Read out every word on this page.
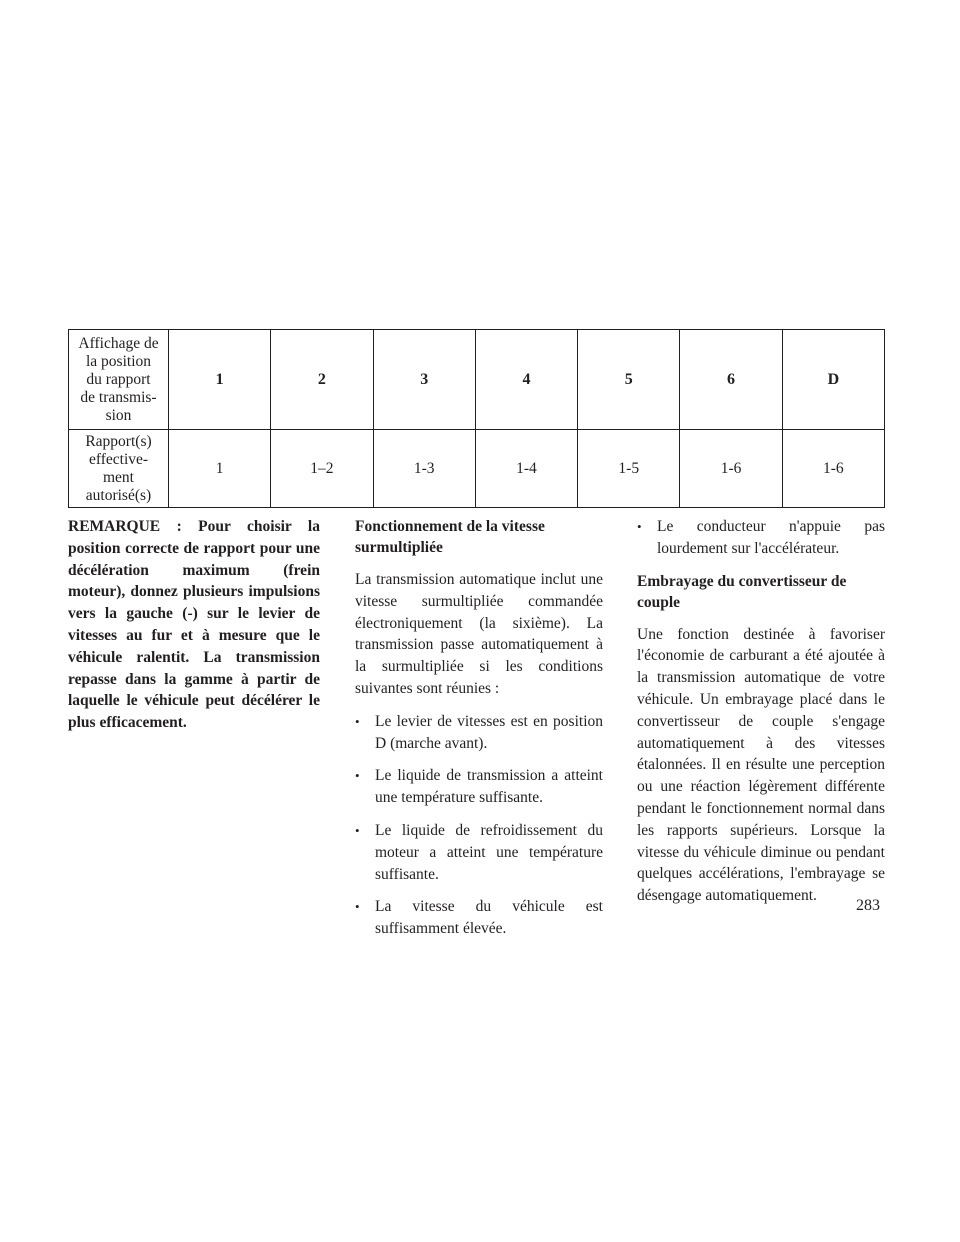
Affichage de
la position
du rapport
de transmis-
sion	1	2	3	4	5	6	D
Rapport(s)
effective-
ment
autorisé(s)	1	1–2	1-3	1-4	1-5	1-6	1-6

REMARQUE : Pour choisir la position correcte de rapport pour une décélération maximum (frein moteur), donnez plusieurs impulsions vers la gauche (-) sur le levier de vitesses au fur et à mesure que le véhicule ralentit. La transmission repasse dans la gamme à partir de laquelle le véhicule peut décélérer le plus efficacement.

Fonctionnement de la vitesse surmultipliée

La transmission automatique inclut une vitesse surmultipliée commandée électroniquement (la sixième). La transmission passe automatiquement à la surmultipliée si les conditions suivantes sont réunies :

• Le levier de vitesses est en position D (marche avant).
• Le liquide de transmission a atteint une température suffisante.
• Le liquide de refroidissement du moteur a atteint une température suffisante.
• La vitesse du véhicule est suffisamment élevée.
• Le conducteur n'appuie pas lourdement sur l'accélérateur.
Embrayage du convertisseur de couple

Une fonction destinée à favoriser l'économie de carburant a été ajoutée à la transmission automatique de votre véhicule. Un embrayage placé dans le convertisseur de couple s'engage automatiquement à des vitesses étalonnées. Il en résulte une perception ou une réaction légèrement différente pendant le fonctionnement normal dans les rapports supérieurs. Lorsque la vitesse du véhicule diminue ou pendant quelques accélérations, l'embrayage se désengage automatiquement.

283
